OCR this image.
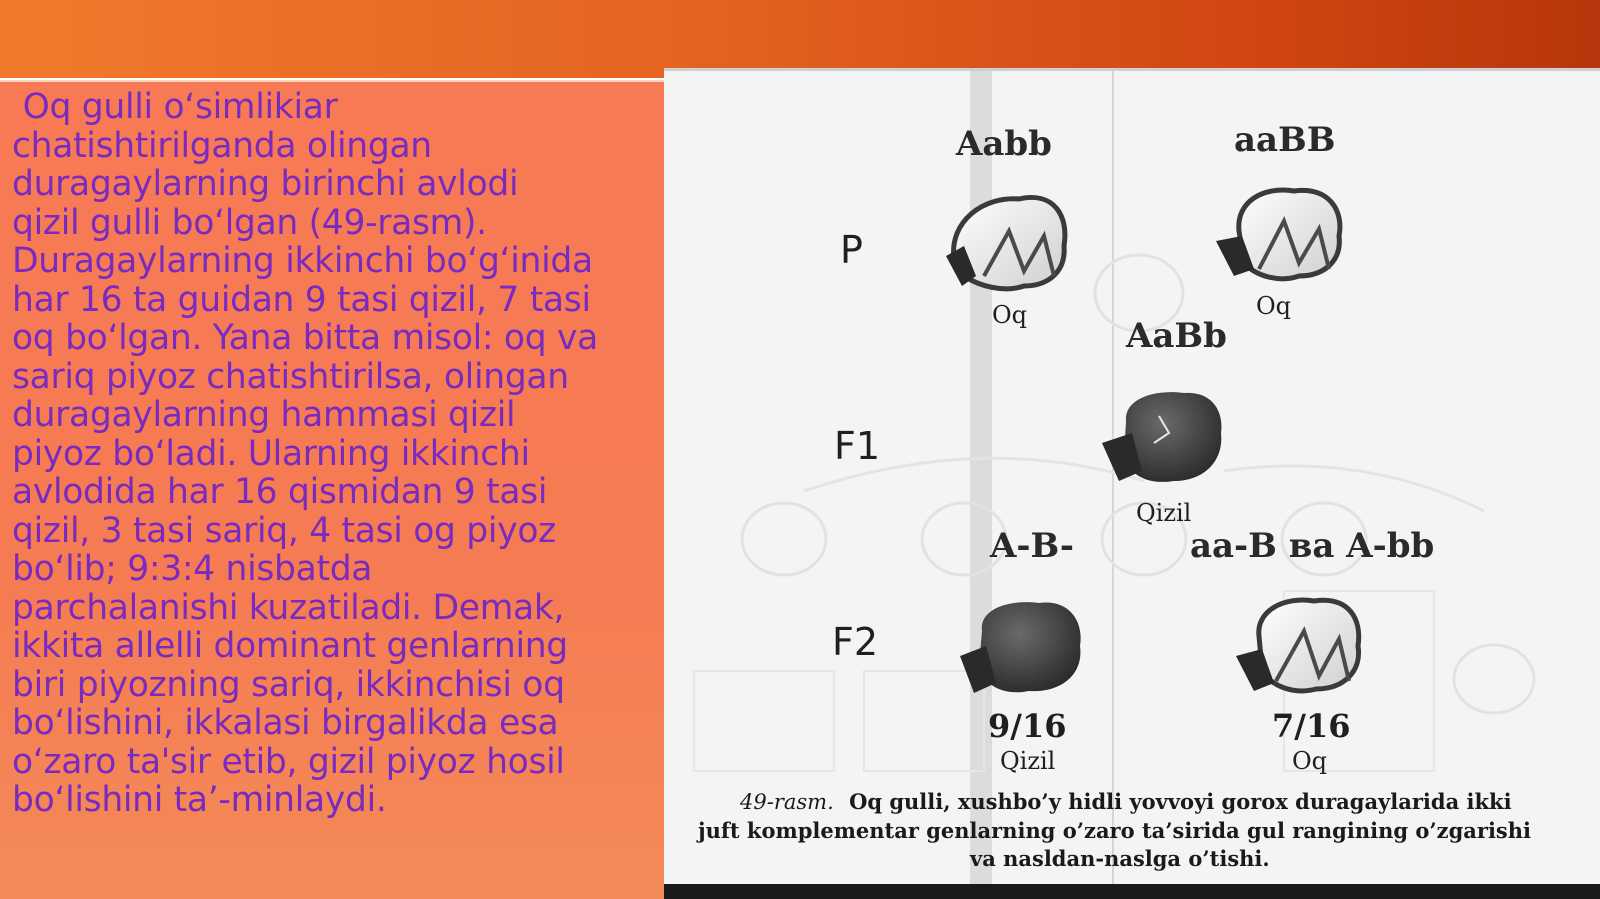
Oq gulli o‘simlikiar
chatishtirilganda olingan
duragaylarning birinchi avlodi
qizil gulli bo‘lgan (49-rasm).
Duragaylarning ikkinchi bo‘g‘inida
har 16 ta guidan 9 tasi qizil, 7 tasi
oq bo‘lgan. Yana bitta misol: oq va
sariq piyoz chatishtirilsa, olingan
duragaylarning hammasi qizil
piyoz bo‘ladi. Ularning ikkinchi
avlodida har 16 qismidan 9 tasi
qizil, 3 tasi sariq, 4 tasi og piyoz
bo‘lib; 9:3:4 nisbatda
parchalanishi kuzatiladi. Demak,
ikkita allelli dominant genlarning
biri piyozning sariq, ikkinchisi oq
bo‘lishini, ikkalasi birgalikda esa
o‘zaro ta'sir etib, gizil piyoz hosil
bo‘lishini ta’-minlaydi.

Aabb	aaBB
P
Oq	Oq
AaBb
F1
Qizil
A-B-	aa-B ва A-bb
F2
9/16	7/16
Qizil	Oq
49-rasm. Oq gulli, xushbo’y hidli yovvoyi gorox duragaylarida ikki
juft komplementar genlarning o’zaro ta’sirida gul rangining o’zgarishi
va nasldan-naslga o’tishi.
